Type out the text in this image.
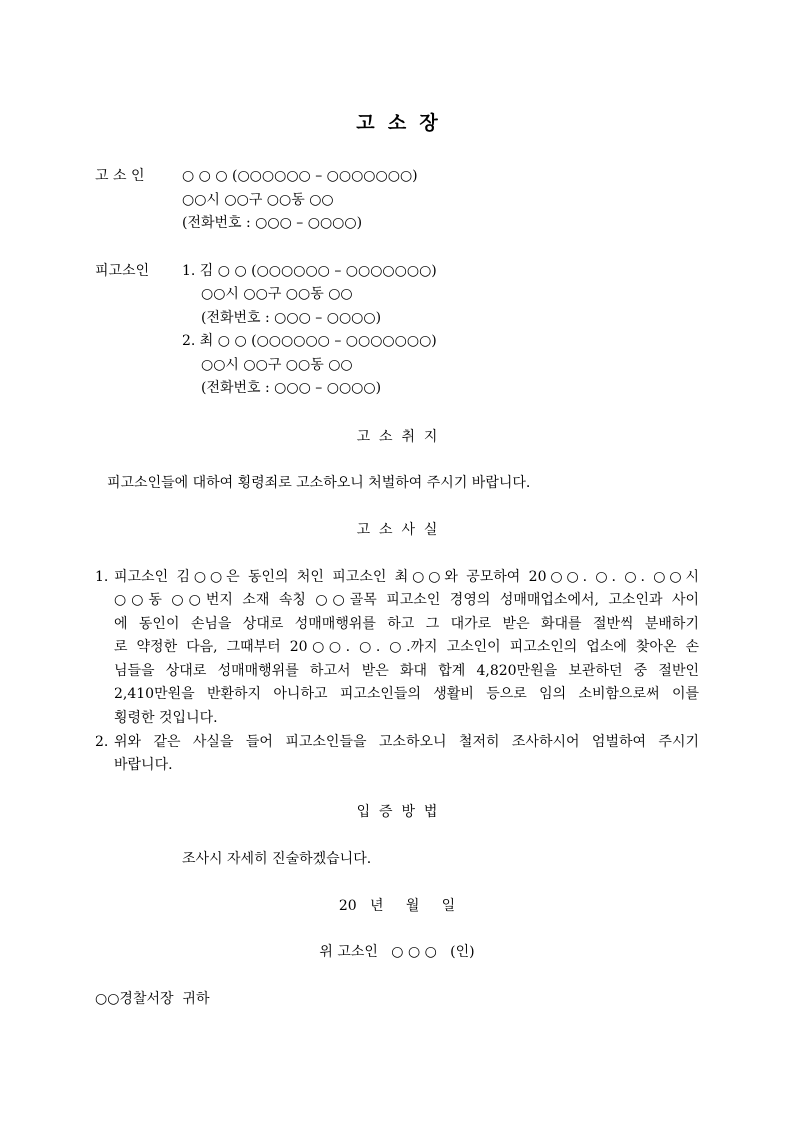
고  소  장
고 소 인	○ ○ ○ (○○○○○○ – ○○○○○○○)
○○시 ○○구 ○○동 ○○
(전화번호 : ○○○ – ○○○○)
피고소인 1. 김 ○ ○ (○○○○○○ – ○○○○○○○)
○○시 ○○구 ○○동 ○○
(전화번호 : ○○○ – ○○○○)
2. 최 ○ ○ (○○○○○○ – ○○○○○○○)
○○시 ○○구 ○○동 ○○
(전화번호 : ○○○ – ○○○○)
고  소  취  지
피고소인들에 대하여 횡령죄로 고소하오니 처벌하여 주시기 바랍니다.
고  소  사  실
1. 피고소인 김○○은 동인의 처인 피고소인 최○○와 공모하여 20○○. ○. ○. ○○시
○○동 ○○번지 소재 속칭 ○○골목 피고소인 경영의 성매매업소에서, 고소인과 사이
에 동인이 손님을 상대로 성매매행위를 하고 그 대가로 받은 화대를 절반씩 분배하기
로 약정한 다음, 그때부터 20○○. ○. ○.까지 고소인이 피고소인의 업소에 찾아온 손
님들을 상대로 성매매행위를 하고서 받은 화대 합계 4,820만원을 보관하던 중 절반인
2,410만원을 반환하지 아니하고 피고소인들의 생활비 등으로 임의 소비함으로써 이를
횡령한 것입니다.
2. 위와 같은 사실을 들어 피고소인들을 고소하오니 철저히 조사하시어 엄벌하여 주시기
바랍니다.
입  증  방  법
조사시 자세히 진술하겠습니다.
20   년     월     일
위 고소인   ○ ○ ○   (인)
○○경찰서장  귀하
